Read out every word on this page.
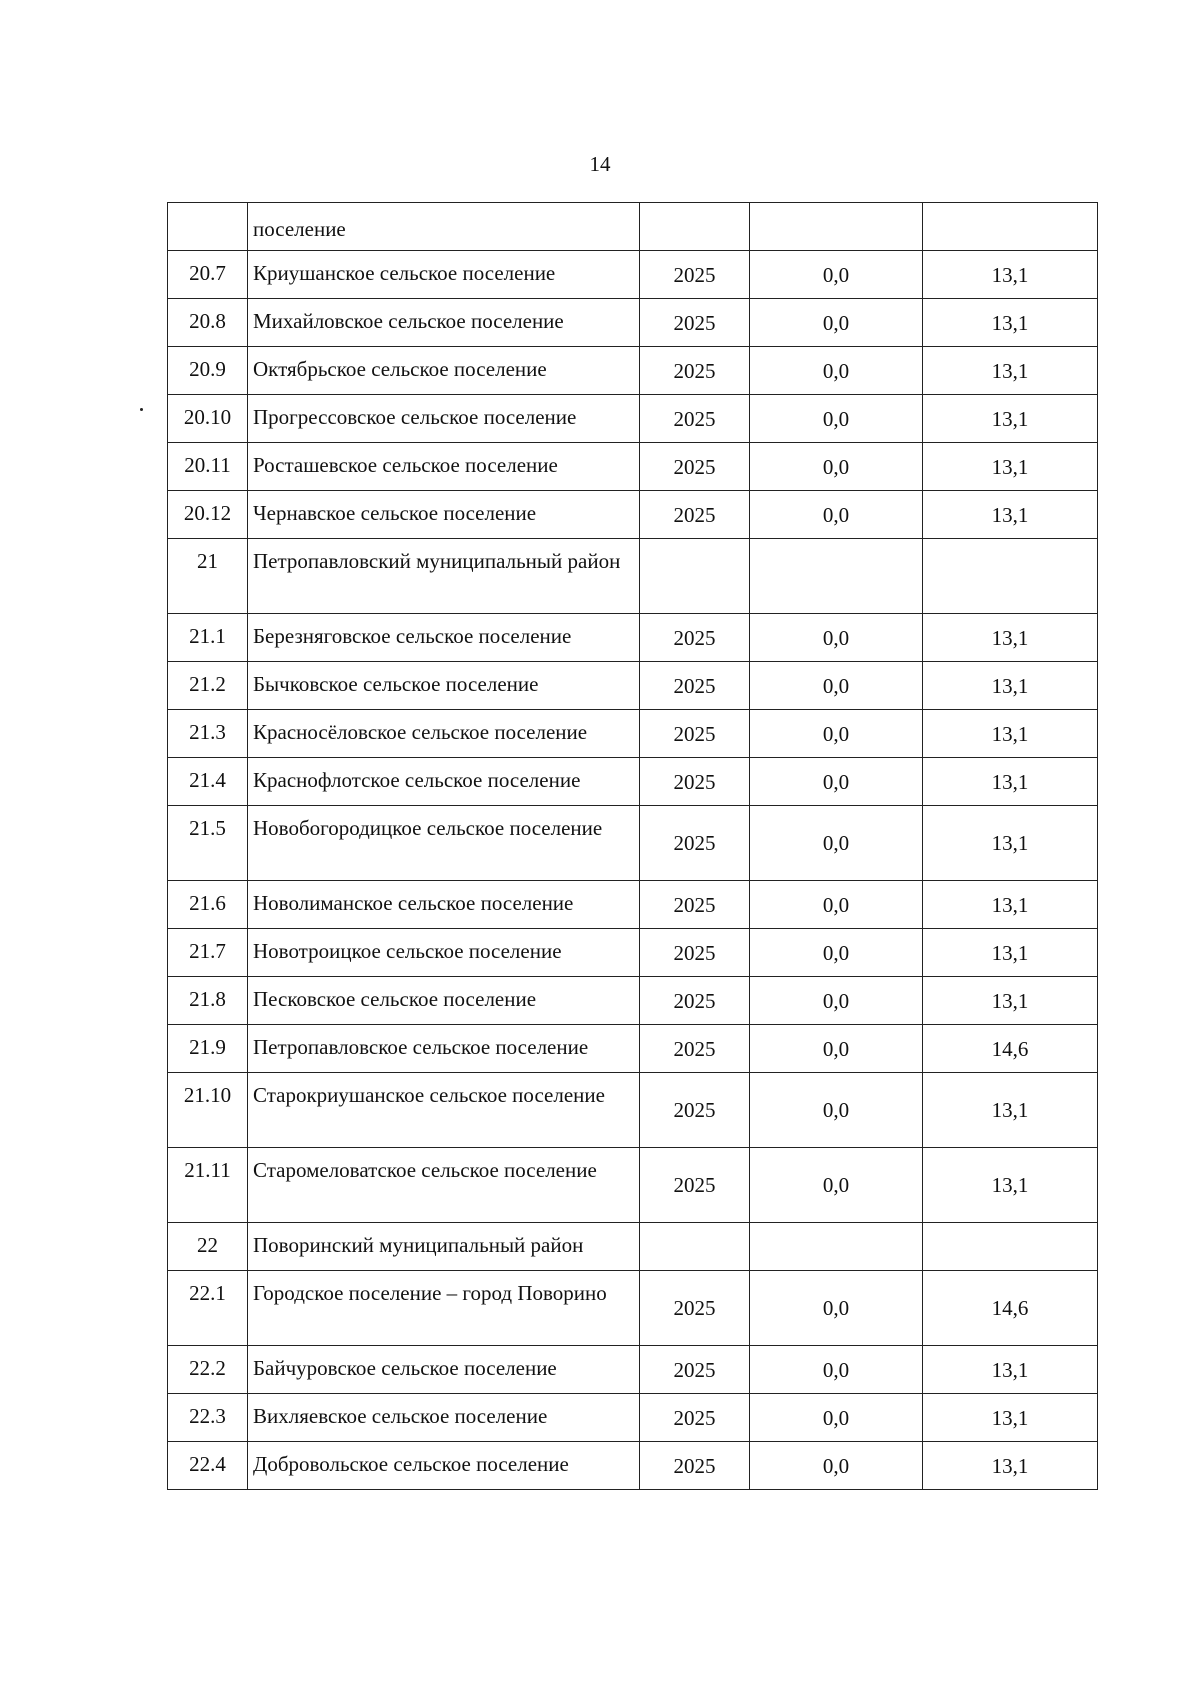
14
	поселение			
20.7	Криушанское сельское поселение	2025	0,0	13,1
20.8	Михайловское сельское поселение	2025	0,0	13,1
20.9	Октябрьское сельское поселение	2025	0,0	13,1
20.10	Прогрессовское сельское поселение	2025	0,0	13,1
20.11	Росташевское сельское поселение	2025	0,0	13,1
20.12	Чернавское сельское поселение	2025	0,0	13,1
21	Петропавловский муниципальный район			
21.1	Березняговское сельское поселение	2025	0,0	13,1
21.2	Бычковское сельское поселение	2025	0,0	13,1
21.3	Красносёловское сельское поселение	2025	0,0	13,1
21.4	Краснофлотское сельское поселение	2025	0,0	13,1
21.5	Новобогородицкое сельское поселение	2025	0,0	13,1
21.6	Новолиманское сельское поселение	2025	0,0	13,1
21.7	Новотроицкое сельское поселение	2025	0,0	13,1
21.8	Песковское сельское поселение	2025	0,0	13,1
21.9	Петропавловское сельское поселение	2025	0,0	14,6
21.10	Старокриушанское сельское поселение	2025	0,0	13,1
21.11	Старомеловатское сельское поселение	2025	0,0	13,1
22	Поворинский муниципальный район			
22.1	Городское поселение – город Поворино	2025	0,0	14,6
22.2	Байчуровское сельское поселение	2025	0,0	13,1
22.3	Вихляевское сельское поселение	2025	0,0	13,1
22.4	Добровольское сельское поселение	2025	0,0	13,1
